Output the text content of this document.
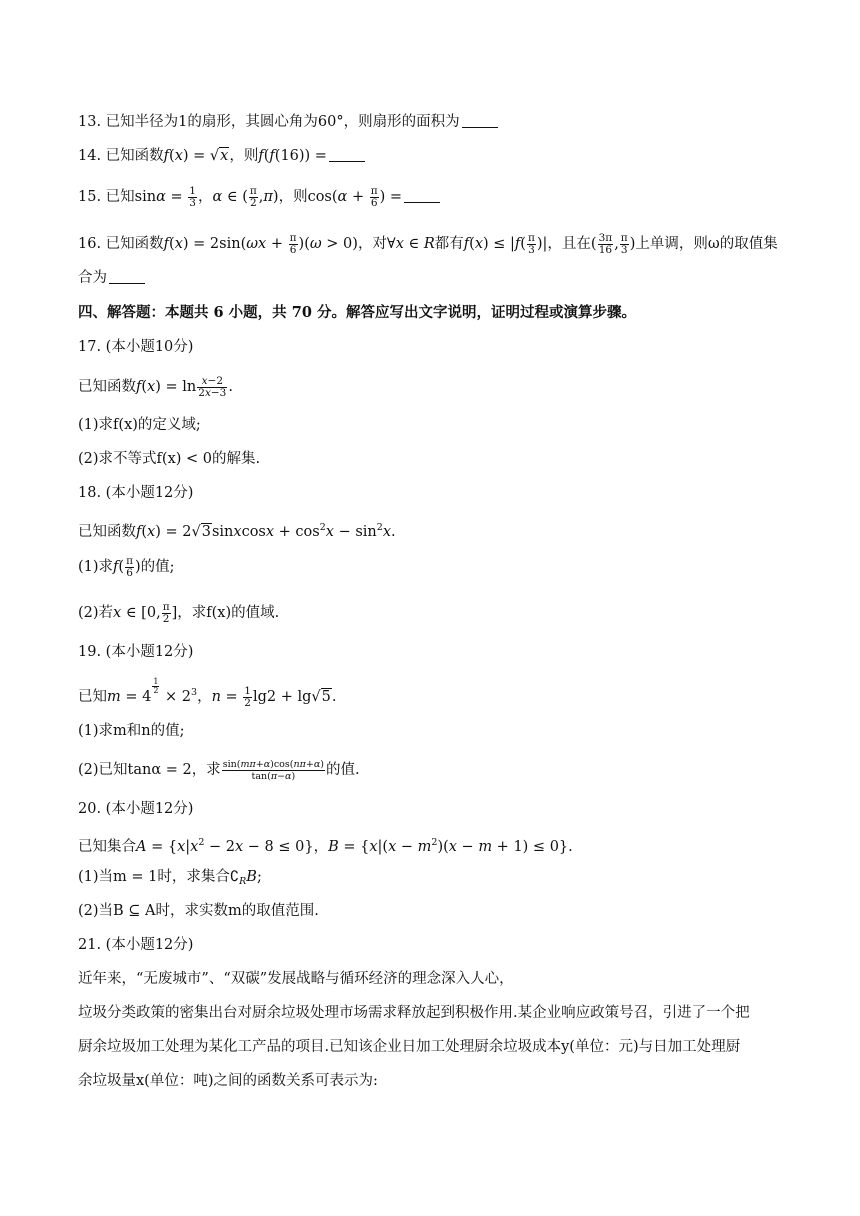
13. 已知半径为1的扇形，其圆心角为60°，则扇形的面积为
14. 已知函数f(x) = √x，则f(f(16)) =
15. 已知$\sin\alpha = \frac{1}{3}$ ，α ∈ ( $\frac{\pi}{2} ,\pi$)，则$\cos(\alpha + \frac{\pi}{6}$ ) =
16. 已知函数$f(x) = 2\sin(\omega x + \frac{\pi}{6} )(\omega > 0)$，对∀x ∈ R都有$f(x) \le |f( \frac{\pi}{3}$ )|，且在( $\frac{3\pi}{16}$ , $\frac{\pi}{3}$ )上单调，则ω的取值集
合为
四、解答题：本题共 6 小题，共 70 分。解答应写出文字说明，证明过程或演算步骤。
17. (本小题10分)
已知函数$f(x) = \ln \frac{x-2}{2x-3}$ .
(1)求f(x)的定义域;
(2)求不等式f(x) < 0的解集.
18. (本小题12分)
已知函数f(x) = 2√3sinxcosx + $\cos^2x - \sin^2x$.
(1)求$f( \frac{\pi}{6}$ )的值;
(2)若x ∈ [0, $\frac{\pi}{2}$ ]，求f(x)的值域.
19. (本小题12分)
已知m = 4
$\frac{1}{2}$
× $2^3$，$n = \frac{1}{2} \lg 2 + \lg√5$.
(1)求m和n的值;
(2)已知tanα = 2，求 $\frac{\sin(m\pi+\alpha)\cos(n\pi+\alpha)}{\tan(\pi-\alpha)}$ 的值.
20. (本小题12分)
已知集合$A = \{x|x^2 - 2x - 8 \le 0\}$，$B = \{x|(x - m^2)(x - m + 1) \le 0\}$.
(1)当m = 1时，求集合$∁_RB$;
(2)当B ⊆ A时，求实数m的取值范围.
21. (本小题12分)
近年来，“无废城市”、“双碳”发展战略与循环经济的理念深入人心，
垃圾分类政策的密集出台对厨余垃圾处理市场需求释放起到积极作用.某企业响应政策号召，引进了一个把
厨余垃圾加工处理为某化工产品的项目.已知该企业日加工处理厨余垃圾成本y(单位：元)与日加工处理厨
余垃圾量x(单位：吨)之间的函数关系可表示为:
